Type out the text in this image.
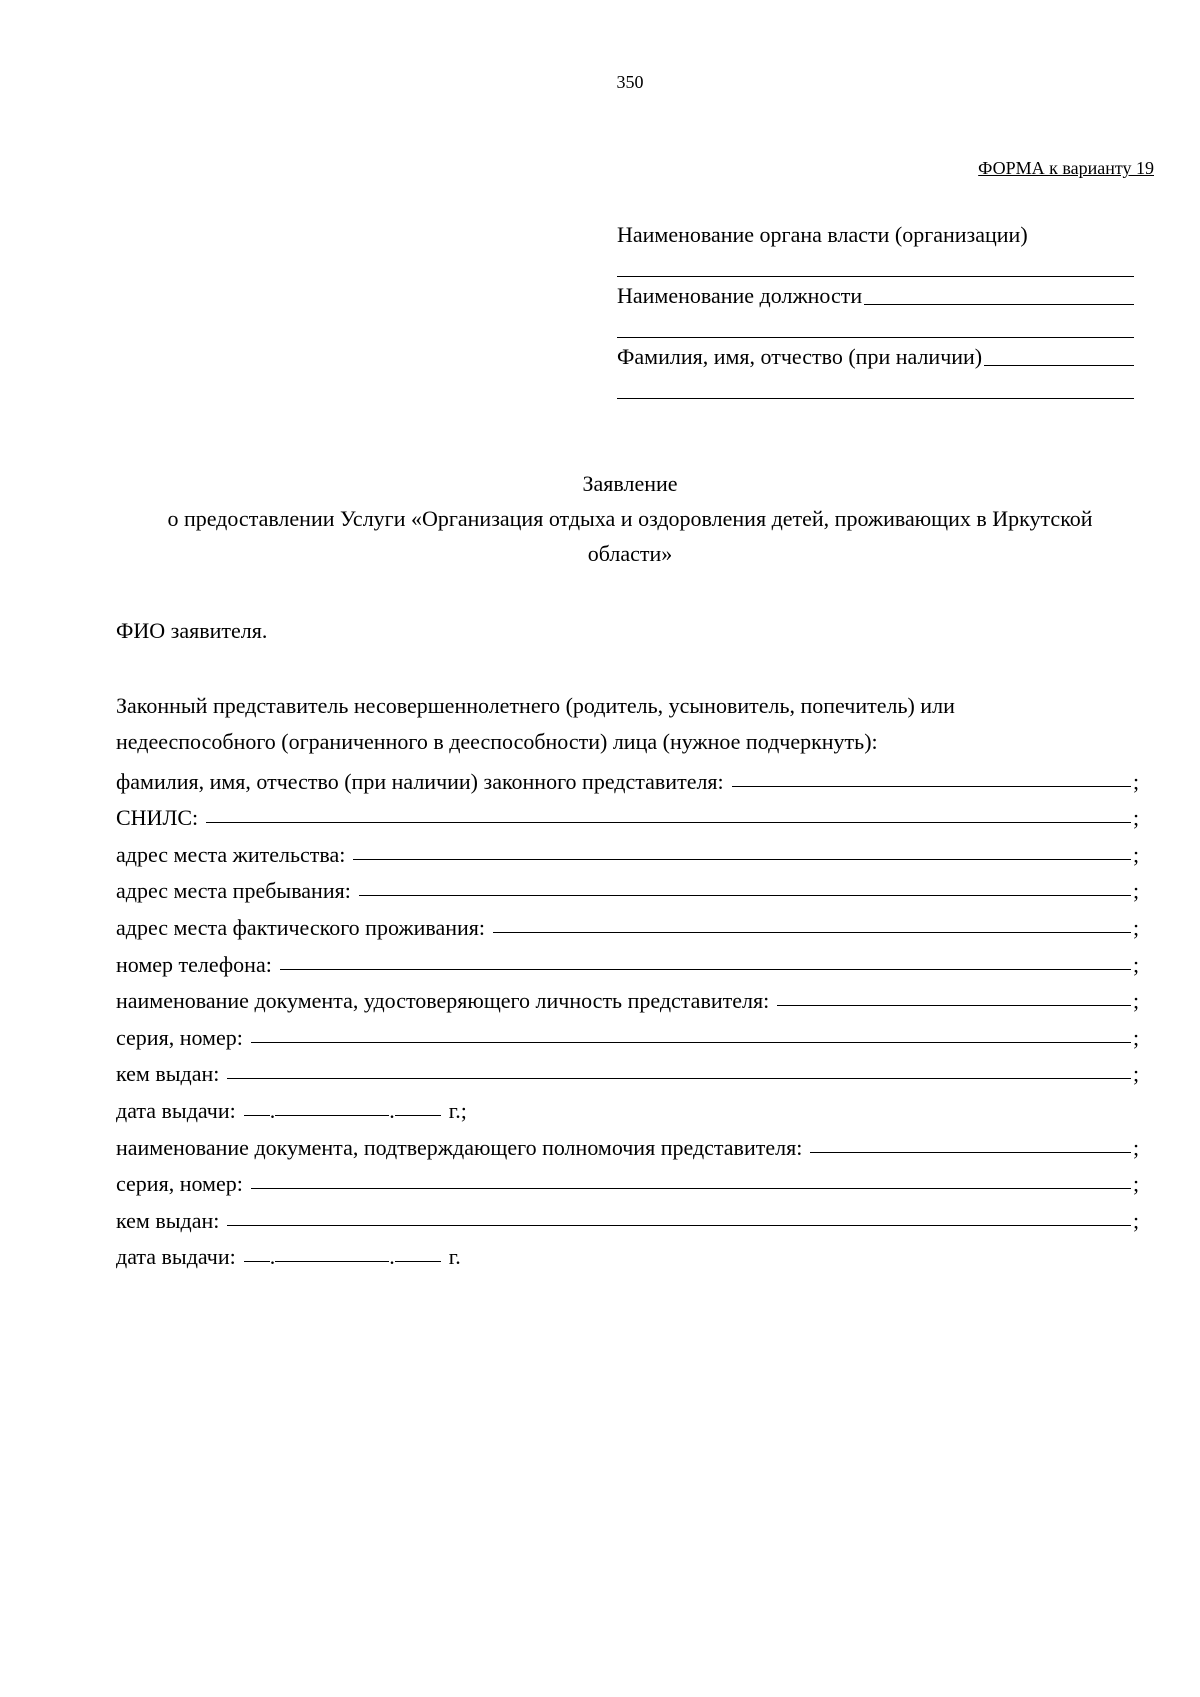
350
ФОРМА к варианту 19
Наименование органа власти (организации)
Наименование должности
Фамилия, имя, отчество (при наличии)
Заявление
о предоставлении Услуги «Организация отдыха и оздоровления детей, проживающих в Иркутской
области»
ФИО заявителя.
Законный представитель несовершеннолетнего (родитель, усыновитель, попечитель) или
недееспособного (ограниченного в дееспособности) лица (нужное подчеркнуть):
фамилия, имя, отчество (при наличии) законного представителя:	;
СНИЛС:	;
адрес места жительства:	;
адрес места пребывания:	;
адрес места фактического проживания:	;
номер телефона:	;
наименование документа, удостоверяющего личность представителя:	;
серия, номер:	;
кем выдан:	;
дата выдачи: .	. г.;
наименование документа, подтверждающего полномочия представителя:	;
серия, номер:	;
кем выдан:	;
дата выдачи: .	. г.
